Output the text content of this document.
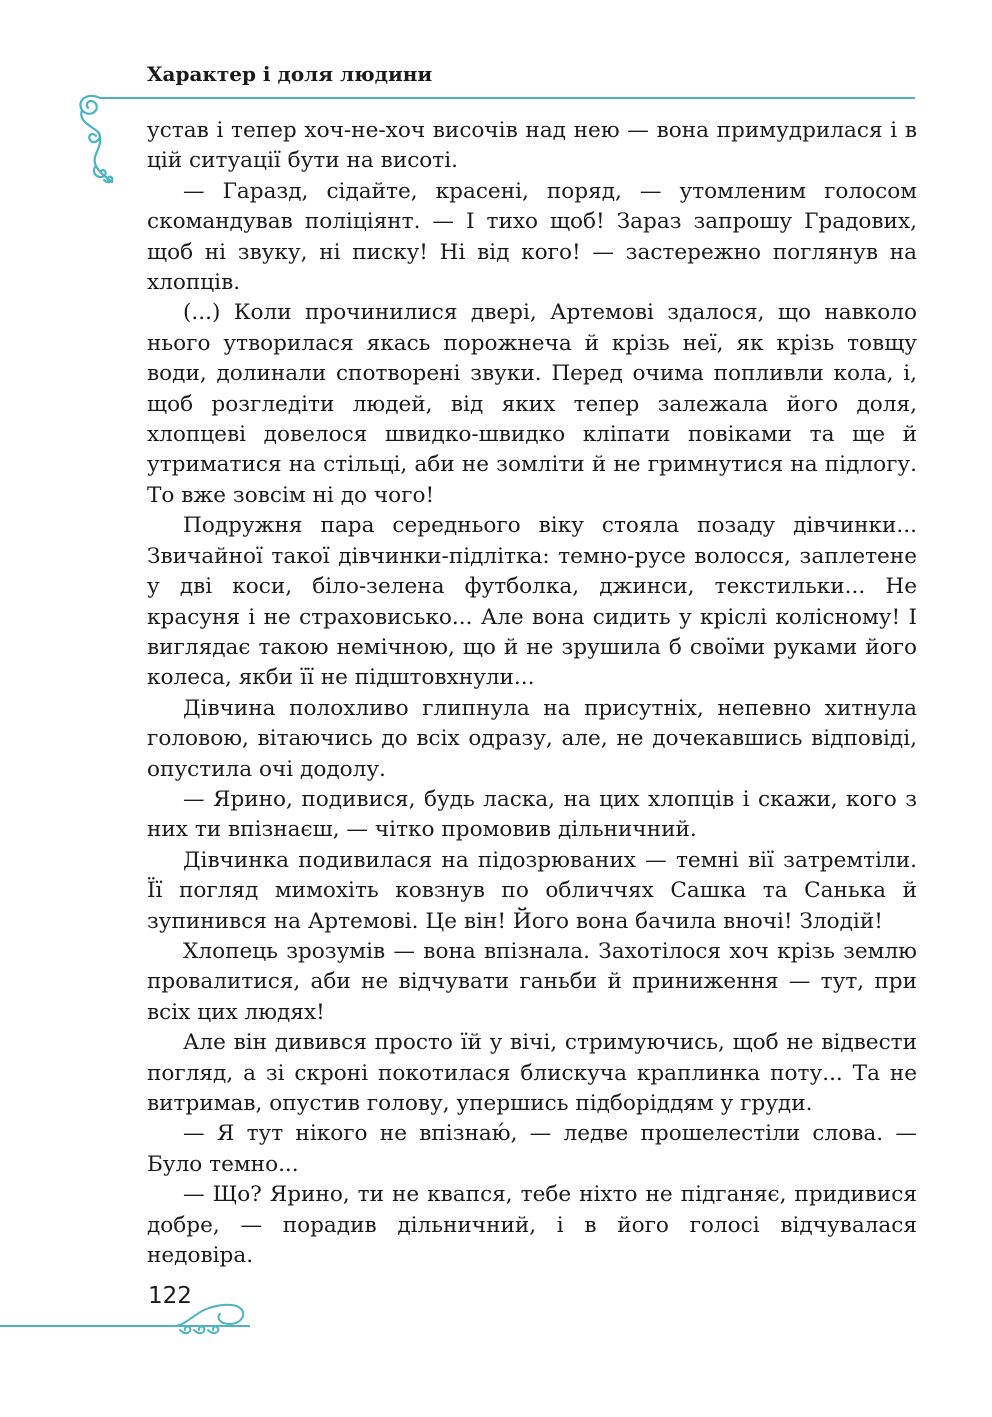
Характер і доля людини

устав і тепер хоч-не-хоч височів над нею — вона примудрилася і в цій ситуації бути на висоті.

— Гаразд, сідайте, красені, поряд, — утомленим голосом скомандував поліціянт. — І тихо щоб! Зараз запрошу Градових, щоб ні звуку, ні писку! Ні від кого! — застережно поглянув на хлопців.

(...) Коли прочинилися двері, Артемові здалося, що навколо нього утворилася якась порожнеча й крізь неї, як крізь товщу води, долинали спотворені звуки. Перед очима попливли кола, і, щоб розгледіти людей, від яких тепер залежала його доля, хлопцеві довелося швидко-швидко кліпати повіками та ще й утриматися на стільці, аби не зомліти й не гримнутися на підлогу. То вже зовсім ні до чого!

Подружня пара середнього віку стояла позаду дівчинки... Звичайної такої дівчинки-підлітка: темно-русе волосся, заплетене у дві коси, біло-зелена футболка, джинси, текстильки... Не красуня і не страховисько... Але вона сидить у кріслі колісному! І виглядає такою немічною, що й не зрушила б своїми руками його колеса, якби її не підштовхнули...

Дівчина полохливо глипнула на присутніх, непевно хитнула головою, вітаючись до всіх одразу, але, не дочекавшись відповіді, опустила очі додолу.

— Ярино, подивися, будь ласка, на цих хлопців і скажи, кого з них ти впізнаєш, — чітко промовив дільничний.

Дівчинка подивилася на підозрюваних — темні вії затремтіли. Її погляд мимохіть ковзнув по обличчях Сашка та Санька й зупинився на Артемові. Це він! Його вона бачила вночі! Злодій!

Хлопець зрозумів — вона впізнала. Захотілося хоч крізь землю провалитися, аби не відчувати ганьби й приниження — тут, при всіх цих людях!

Але він дивився просто їй у вічі, стримуючись, щоб не відвести погляд, а зі скроні покотилася блискуча краплинка поту... Та не витримав, опустив голову, упершись підборіддям у груди.

— Я тут нікого не впізнаю́, — ледве прошелестіли слова. — Було темно...

— Що? Ярино, ти не квапся, тебе ніхто не підганяє, придивися добре, — порадив дільничний, і в його голосі відчувалася недовіра.

122
